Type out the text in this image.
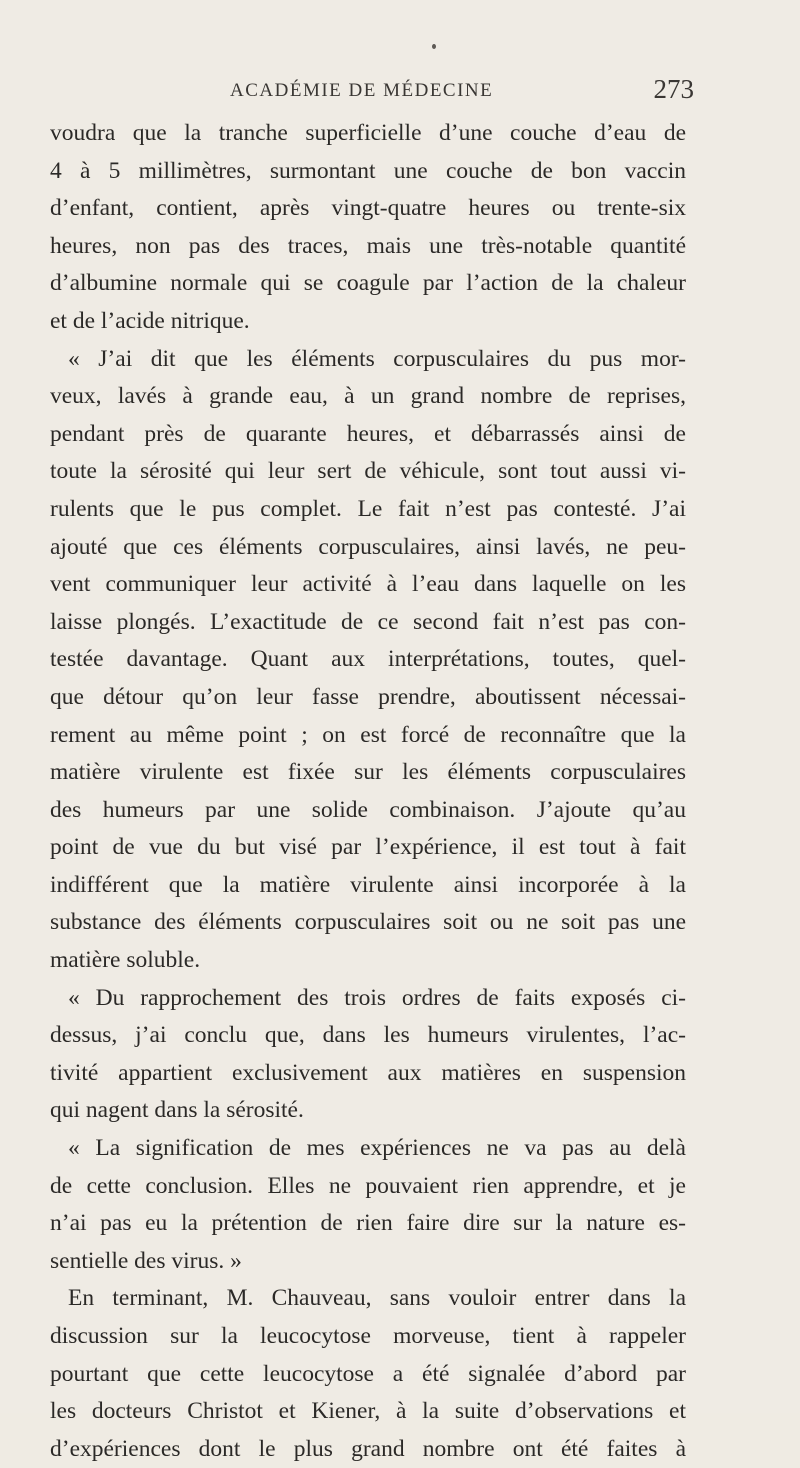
ACADÉMIE DE MÉDECINE	273
voudra que la tranche superficielle d’une couche d’eau de
4 à 5 millimètres, surmontant une couche de bon vaccin
d’enfant, contient, après vingt-quatre heures ou trente-six
heures, non pas des traces, mais une très-notable quantité
d’albumine normale qui se coagule par l’action de la chaleur
et de l’acide nitrique.
« J’ai dit que les éléments corpusculaires du pus mor-
veux, lavés à grande eau, à un grand nombre de reprises,
pendant près de quarante heures, et débarrassés ainsi de
toute la sérosité qui leur sert de véhicule, sont tout aussi vi-
rulents que le pus complet. Le fait n’est pas contesté. J’ai
ajouté que ces éléments corpusculaires, ainsi lavés, ne peu-
vent communiquer leur activité à l’eau dans laquelle on les
laisse plongés. L’exactitude de ce second fait n’est pas con-
testée davantage. Quant aux interprétations, toutes, quel-
que détour qu’on leur fasse prendre, aboutissent nécessai-
rement au même point ; on est forcé de reconnaître que la
matière virulente est fixée sur les éléments corpusculaires
des humeurs par une solide combinaison. J’ajoute qu’au
point de vue du but visé par l’expérience, il est tout à fait
indifférent que la matière virulente ainsi incorporée à la
substance des éléments corpusculaires soit ou ne soit pas une
matière soluble.
« Du rapprochement des trois ordres de faits exposés ci-
dessus, j’ai conclu que, dans les humeurs virulentes, l’ac-
tivité appartient exclusivement aux matières en suspension
qui nagent dans la sérosité.
« La signification de mes expériences ne va pas au delà
de cette conclusion. Elles ne pouvaient rien apprendre, et je
n’ai pas eu la prétention de rien faire dire sur la nature es-
sentielle des virus. »
En terminant, M. Chauveau, sans vouloir entrer dans la
discussion sur la leucocytose morveuse, tient à rappeler
pourtant que cette leucocytose a été signalée d’abord par
les docteurs Christot et Kiener, à la suite d’observations et
d’expériences dont le plus grand nombre ont été faites à
